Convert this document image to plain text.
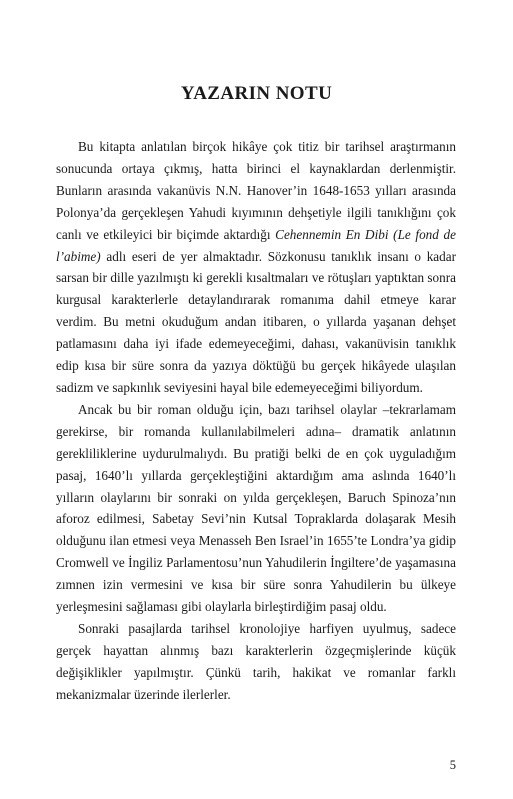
YAZARIN NOTU

Bu kitapta anlatılan birçok hikâye çok titiz bir tarihsel araştırmanın sonucunda ortaya çıkmış, hatta birinci el kaynaklardan derlenmiştir. Bunların arasında vakanüvis N.N. Hanover’in 1648-1653 yılları arasında Polonya’da gerçekleşen Yahudi kıyımının dehşetiyle ilgili tanıklığını çok canlı ve etkileyici bir biçimde aktardığı Cehennemin En Dibi (Le fond de l’abime) adlı eseri de yer almaktadır. Sözkonusu tanıklık insanı o kadar sarsan bir dille yazılmıştı ki gerekli kısaltmaları ve rötuşları yaptıktan sonra kurgusal karakterlerle detaylandırarak romanıma dahil etmeye karar verdim. Bu metni okuduğum andan itibaren, o yıllarda yaşanan dehşet patlamasını daha iyi ifade edemeyeceğimi, dahası, vakanüvisin tanıklık edip kısa bir süre sonra da yazıya döktüğü bu gerçek hikâyede ulaşılan sadizm ve sapkınlık seviyesini hayal bile edemeyeceğimi biliyordum.

Ancak bu bir roman olduğu için, bazı tarihsel olaylar –tekrarlamam gerekirse, bir romanda kullanılabilmeleri adına– dramatik anlatının gerekliliklerine uydurulmalıydı. Bu pratiği belki de en çok uyguladığım pasaj, 1640’lı yıllarda gerçekleştiğini aktardığım ama aslında 1640’lı yılların olaylarını bir sonraki on yılda gerçekleşen, Baruch Spinoza’nın aforoz edilmesi, Sabetay Sevi’nin Kutsal Topraklarda dolaşarak Mesih olduğunu ilan etmesi veya Menasseh Ben Israel’in 1655’te Londra’ya gidip Cromwell ve İngiliz Parlamentosu’nun Yahudilerin İngiltere’de yaşamasına zımnen izin vermesini ve kısa bir süre sonra Yahudilerin bu ülkeye yerleşmesini sağlaması gibi olaylarla birleştirdiğim pasaj oldu.

Sonraki pasajlarda tarihsel kronolojiye harfiyen uyulmuş, sadece gerçek hayattan alınmış bazı karakterlerin özgeçmişlerinde küçük değişiklikler yapılmıştır. Çünkü tarih, hakikat ve romanlar farklı mekanizmalar üzerinde ilerlerler.

5
